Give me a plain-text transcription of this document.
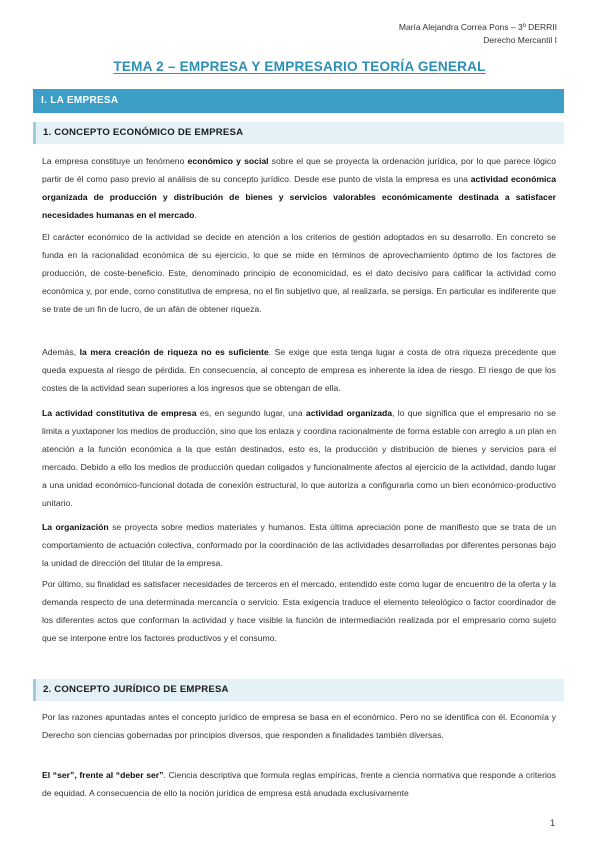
María Alejandra Correa Pons – 3º DERRII
Derecho Mercantil I
TEMA 2 – EMPRESA Y EMPRESARIO TEORÍA GENERAL
I. LA EMPRESA
1. CONCEPTO ECONÓMICO DE EMPRESA

La empresa constituye un fenómeno económico y social sobre el que se proyecta la ordenación jurídica, por lo que parece lógico partir de él como paso previo al análisis de su concepto jurídico. Desde ese punto de vista la empresa es una actividad económica organizada de producción y distribución de bienes y servicios valorables económicamente destinada a satisfacer necesidades humanas en el mercado.

El carácter económico de la actividad se decide en atención a los criterios de gestión adoptados en su desarrollo. En concreto se funda en la racionalidad económica de su ejercicio, lo que se mide en términos de aprovechamiento óptimo de los factores de producción, de coste-beneficio. Este, denominado principio de economicidad, es el dato decisivo para calificar la actividad como económica y, por ende, como constitutiva de empresa, no el fin subjetivo que, al realizarla, se persiga. En particular es indiferente que se trate de un fin de lucro, de un afán de obtener riqueza.

Además, la mera creación de riqueza no es suficiente. Se exige que esta tenga lugar a costa de otra riqueza precedente que queda expuesta al riesgo de pérdida. En consecuencia, al concepto de empresa es inherente la idea de riesgo. El riesgo de que los costes de la actividad sean superiores a los ingresos que se obtengan de ella.

La actividad constitutiva de empresa es, en segundo lugar, una actividad organizada, lo que significa que el empresario no se limita a yuxtaponer los medios de producción, sino que los enlaza y coordina racionalmente de forma estable con arreglo a un plan en atención a la función económica a la que están destinados, esto es, la producción y distribución de bienes y servicios para el mercado. Debido a ello los medios de producción quedan coligados y funcionalmente afectos al ejercicio de la actividad, dando lugar a una unidad económico-funcional dotada de conexión estructural, lo que autoriza a configurarla como un bien económico-productivo unitario.

La organización se proyecta sobre medios materiales y humanos. Esta última apreciación pone de manifiesto que se trata de un comportamiento de actuación colectiva, conformado por la coordinación de las actividades desarrolladas por diferentes personas bajo la unidad de dirección del titular de la empresa.

Por último, su finalidad es satisfacer necesidades de terceros en el mercado, entendido este como lugar de encuentro de la oferta y la demanda respecto de una determinada mercancía o servicio. Esta exigencia traduce el elemento teleológico o factor coordinador de los diferentes actos que conforman la actividad y hace visible la función de intermediación realizada por el empresario como sujeto que se interpone entre los factores productivos y el consumo.

2. CONCEPTO JURÍDICO DE EMPRESA

Por las razones apuntadas antes el concepto jurídico de empresa se basa en el económico. Pero no se identifica con él. Economía y Derecho son ciencias gobernadas por principios diversos, que responden a finalidades también diversas.

El “ser”, frente al “deber ser”. Ciencia descriptiva que formula reglas empíricas, frente a ciencia normativa que responde a criterios de equidad. A consecuencia de ello la noción jurídica de empresa está anudada exclusivamente

1
